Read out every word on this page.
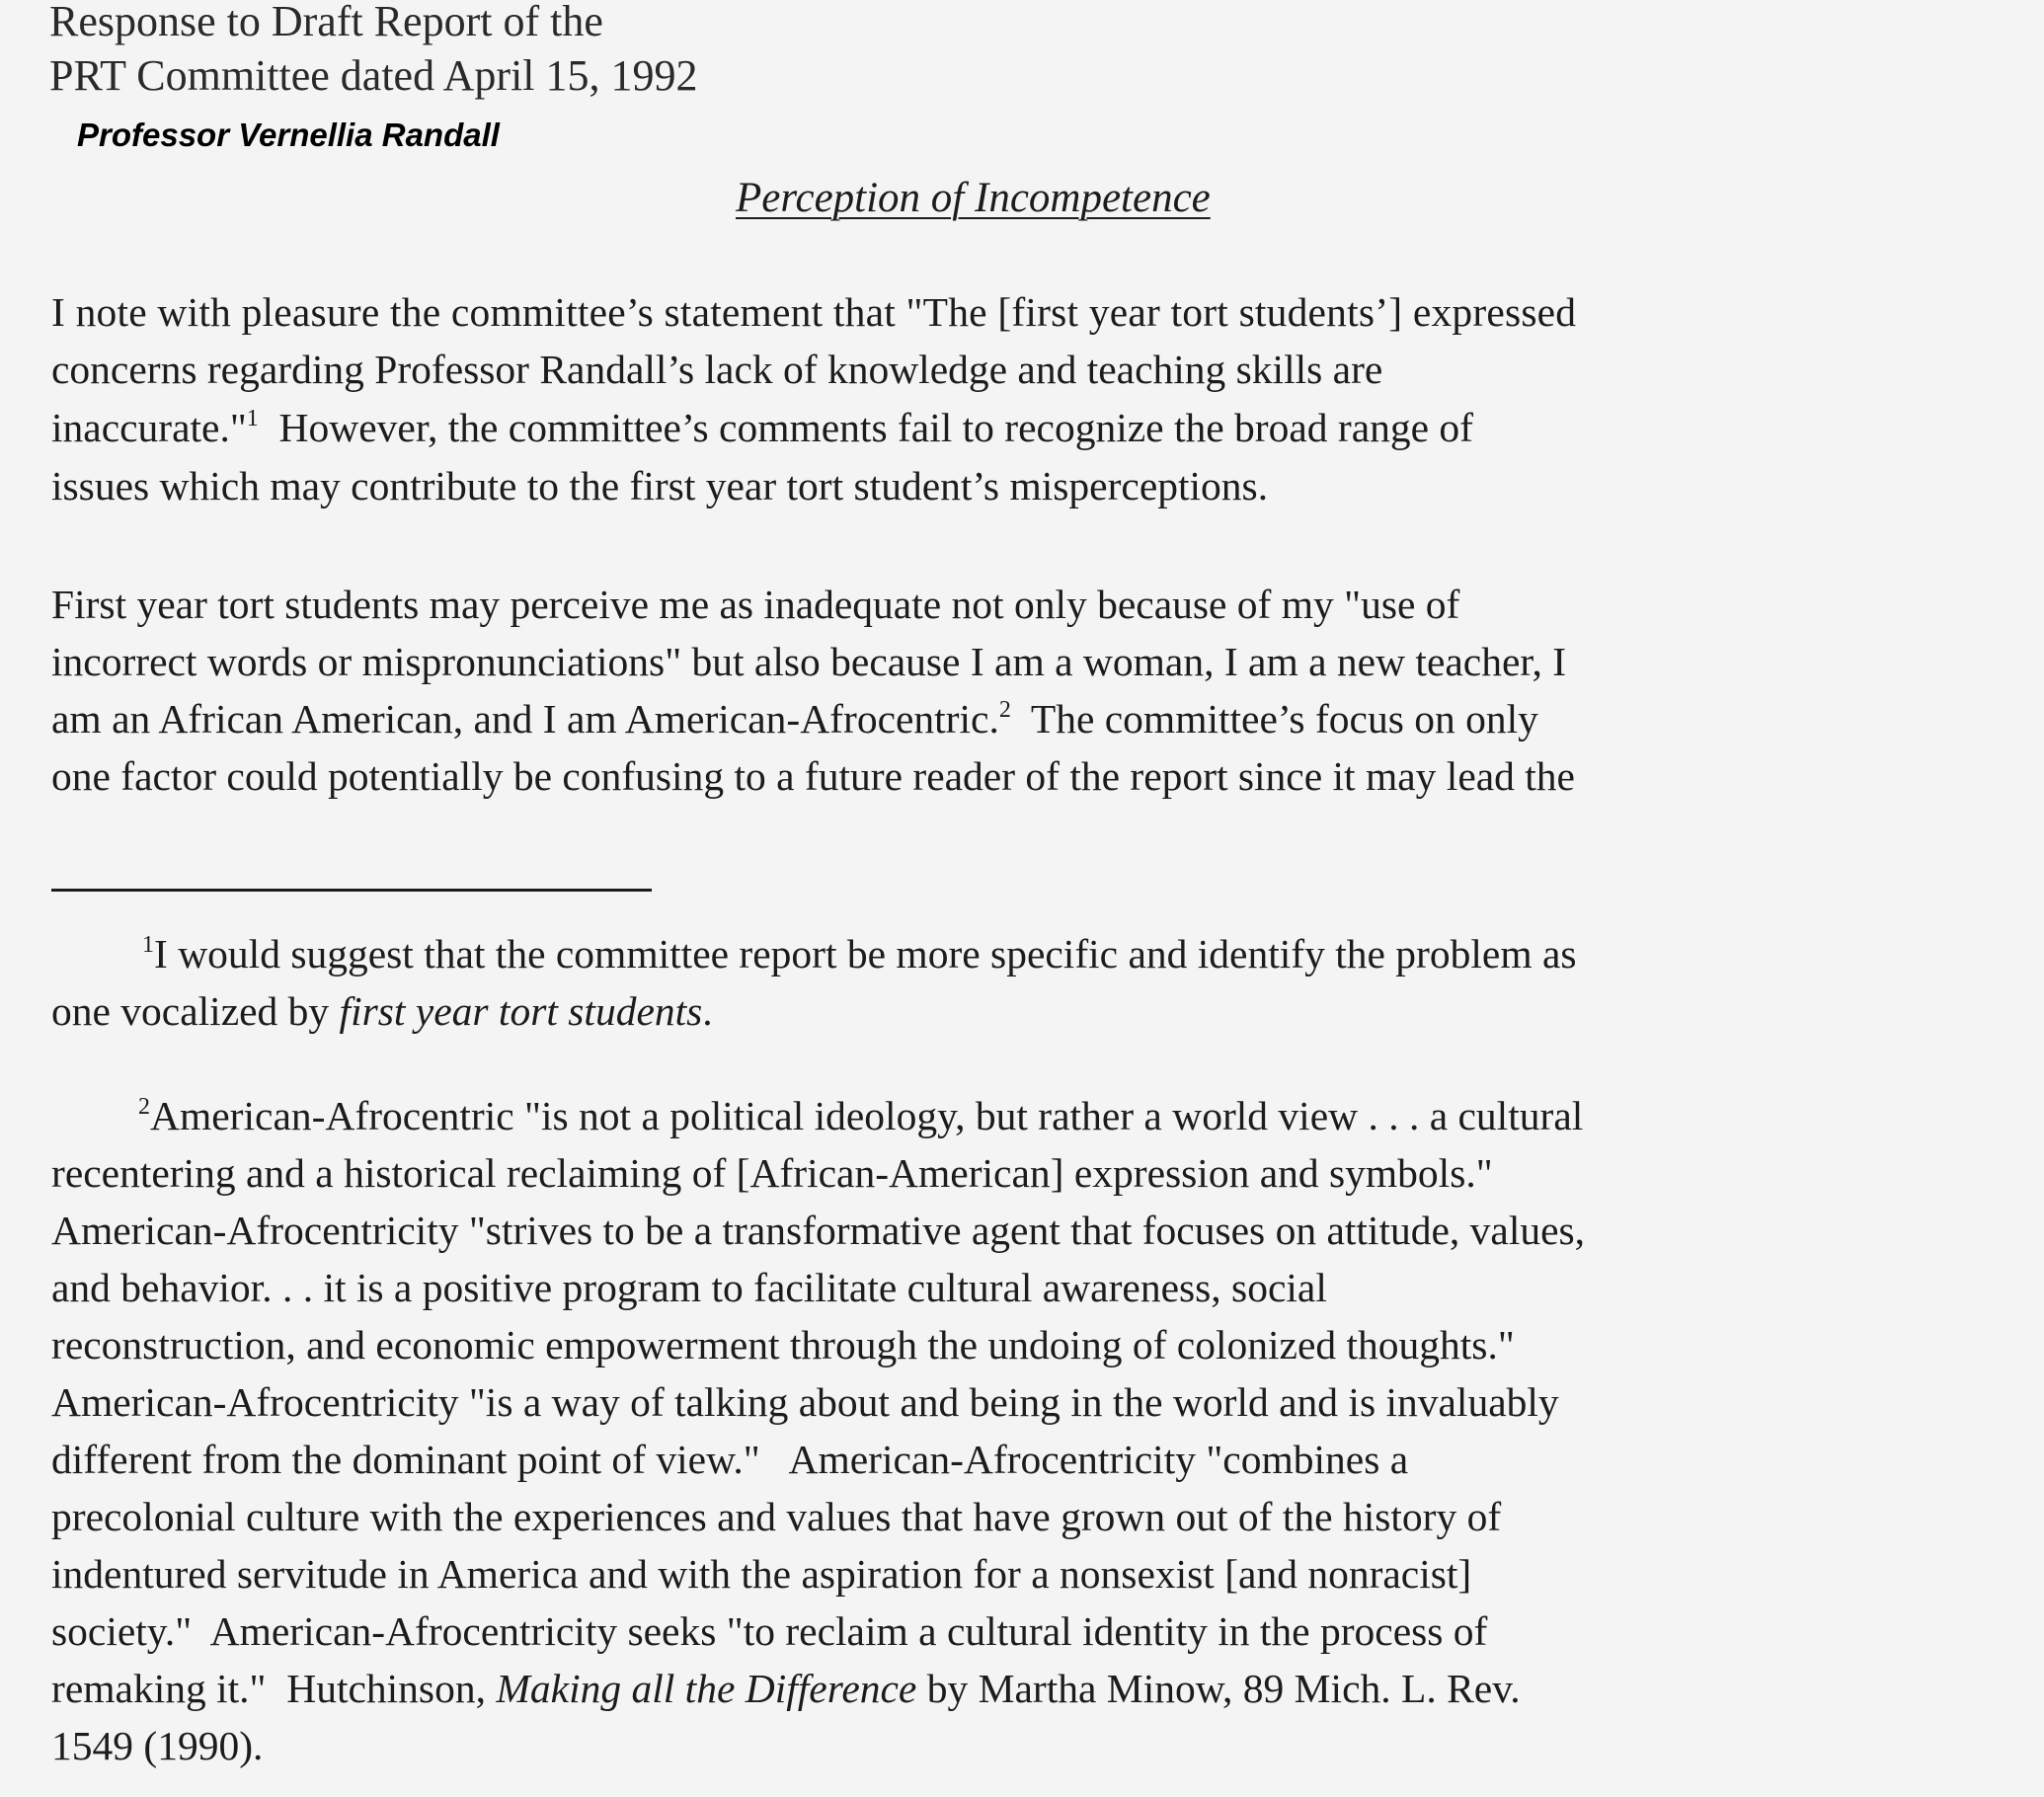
Response to Draft Report of the
PRT Committee dated April 15, 1992
Professor Vernellia Randall
Perception of Incompetence
I note with pleasure the committee’s statement that "The [first year tort students’] expressed
concerns regarding Professor Randall’s lack of knowledge and teaching skills are
inaccurate."$^1$  However, the committee’s comments fail to recognize the broad range of
issues which may contribute to the first year tort student’s misperceptions.
First year tort students may perceive me as inadequate not only because of my "use of
incorrect words or mispronunciations" but also because I am a woman, I am a new teacher, I
am an African American, and I am American-Afrocentric.$^2$  The committee’s focus on only
one factor could potentially be confusing to a future reader of the report since it may lead the
$^1$I would suggest that the committee report be more specific and identify the problem as
one vocalized by first year tort students.
$^2$American-Afrocentric "is not a political ideology, but rather a world view . . . a cultural
recentering and a historical reclaiming of [African-American] expression and symbols."
American-Afrocentricity "strives to be a transformative agent that focuses on attitude, values,
and behavior. . . it is a positive program to facilitate cultural awareness, social
reconstruction, and economic empowerment through the undoing of colonized thoughts."
American-Afrocentricity "is a way of talking about and being in the world and is invaluably
different from the dominant point of view."   American-Afrocentricity "combines a
precolonial culture with the experiences and values that have grown out of the history of
indentured servitude in America and with the aspiration for a nonsexist [and nonracist]
society."  American-Afrocentricity seeks "to reclaim a cultural identity in the process of
remaking it."  Hutchinson, Making all the Difference by Martha Minow, 89 Mich. L. Rev.
1549 (1990).
